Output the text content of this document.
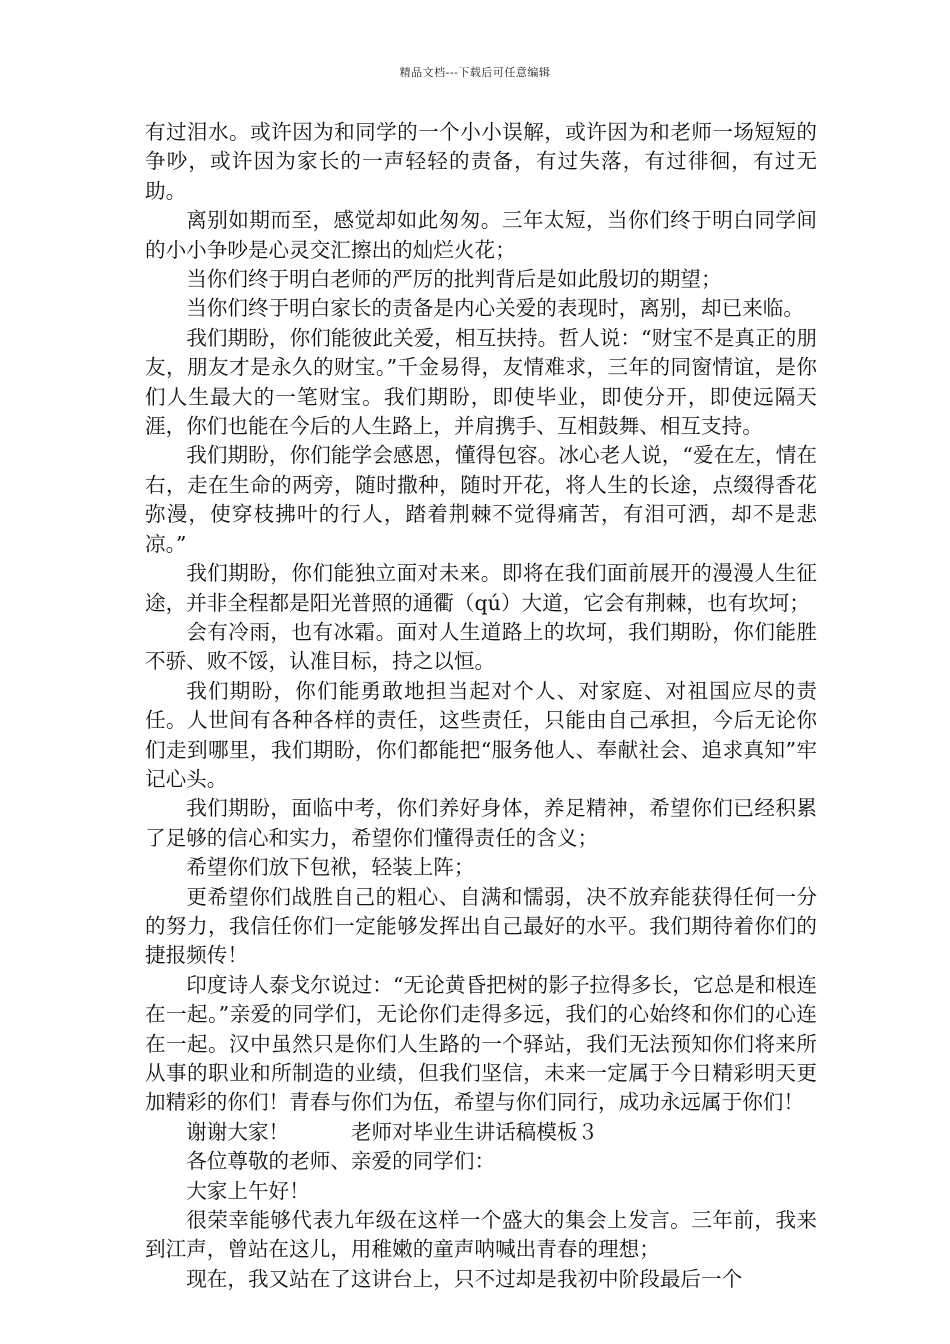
精品文档---下载后可任意编辑

有过泪水。或许因为和同学的一个小小误解，或许因为和老师一场短短的争吵，或许因为家长的一声轻轻的责备，有过失落，有过徘徊，有过无助。

离别如期而至，感觉却如此匆匆。三年太短，当你们终于明白同学间的小小争吵是心灵交汇擦出的灿烂火花；

当你们终于明白老师的严厉的批判背后是如此殷切的期望；

当你们终于明白家长的责备是内心关爱的表现时，离别，却已来临。

我们期盼，你们能彼此关爱，相互扶持。哲人说：“财宝不是真正的朋友，朋友才是永久的财宝。”千金易得，友情难求，三年的同窗情谊，是你们人生最大的一笔财宝。我们期盼，即使毕业，即使分开，即使远隔天涯，你们也能在今后的人生路上，并肩携手、互相鼓舞、相互支持。

我们期盼，你们能学会感恩，懂得包容。冰心老人说，“爱在左，情在右，走在生命的两旁，随时撒种，随时开花，将人生的长途，点缀得香花弥漫，使穿枝拂叶的行人，踏着荆棘不觉得痛苦，有泪可洒，却不是悲凉。”

我们期盼，你们能独立面对未来。即将在我们面前展开的漫漫人生征途，并非全程都是阳光普照的通衢（qú）大道，它会有荆棘，也有坎坷；

会有冷雨，也有冰霜。面对人生道路上的坎坷，我们期盼，你们能胜不骄、败不馁，认准目标，持之以恒。

我们期盼，你们能勇敢地担当起对个人、对家庭、对祖国应尽的责任。人世间有各种各样的责任，这些责任，只能由自己承担，今后无论你们走到哪里，我们期盼，你们都能把“服务他人、奉献社会、追求真知”牢记心头。

我们期盼，面临中考，你们养好身体，养足精神，希望你们已经积累了足够的信心和实力，希望你们懂得责任的含义；

希望你们放下包袱，轻装上阵；

更希望你们战胜自己的粗心、自满和懦弱，决不放弃能获得任何一分的努力，我信任你们一定能够发挥出自己最好的水平。我们期待着你们的捷报频传！

印度诗人泰戈尔说过：“无论黄昏把树的影子拉得多长，它总是和根连在一起。”亲爱的同学们，无论你们走得多远，我们的心始终和你们的心连在一起。汉中虽然只是你们人生路的一个驿站，我们无法预知你们将来所从事的职业和所制造的业绩，但我们坚信，未来一定属于今日精彩明天更加精彩的你们！青春与你们为伍，希望与你们同行，成功永远属于你们！

谢谢大家！　　　老师对毕业生讲话稿模板３

各位尊敬的老师、亲爱的同学们：

大家上午好！

很荣幸能够代表九年级在这样一个盛大的集会上发言。三年前，我来到江声，曾站在这儿，用稚嫩的童声呐喊出青春的理想；

现在，我又站在了这讲台上，只不过却是我初中阶段最后一个
